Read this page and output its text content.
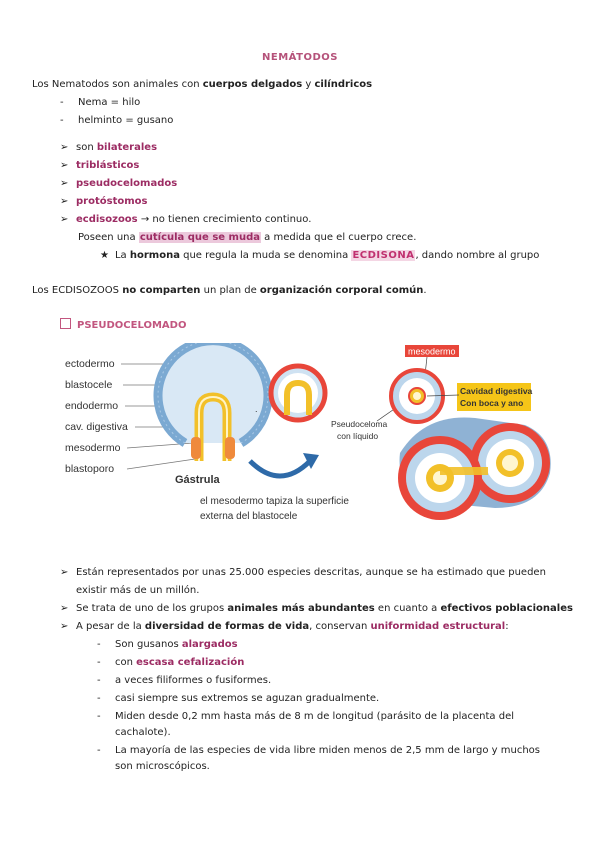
NEMÁTODOS
Los Nematodos son animales con cuerpos delgados y cilíndricos
- Nema = hilo
- helminto = gusano
➢ son bilaterales
➢ triblásticos
➢ pseudocelomados
➢ protóstomos
➢ ecdisozoos → no tienen crecimiento continuo.
Poseen una cutícula que se muda a medida que el cuerpo crece.
★ La hormona que regula la muda se denomina ECDISONA, dando nombre al grupo
Los ECDISOZOOS no comparten un plan de organización corporal común.
PSEUDOCELOMADO
ectodermo
blastocele
endodermo
cav. digestiva
mesodermo
blastoporo
Gástrula
el mesodermo tapiza la superficie
externa del blastocele
.
Pseudoceloma
con líquido
mesodermo
Cavidad digestiva
Con boca y ano
➢ Están representados por unas 25.000 especies descritas, aunque se ha estimado que pueden
existir más de un millón.
➢ Se trata de uno de los grupos animales más abundantes en cuanto a efectivos poblacionales
➢ A pesar de la diversidad de formas de vida, conservan uniformidad estructural:
- Son gusanos alargados
- con escasa cefalización
- a veces filiformes o fusiformes.
- casi siempre sus extremos se aguzan gradualmente.
- Miden desde 0,2 mm hasta más de 8 m de longitud (parásito de la placenta del
cachalote).
- La mayoría de las especies de vida libre miden menos de 2,5 mm de largo y muchos
son microscópicos.
